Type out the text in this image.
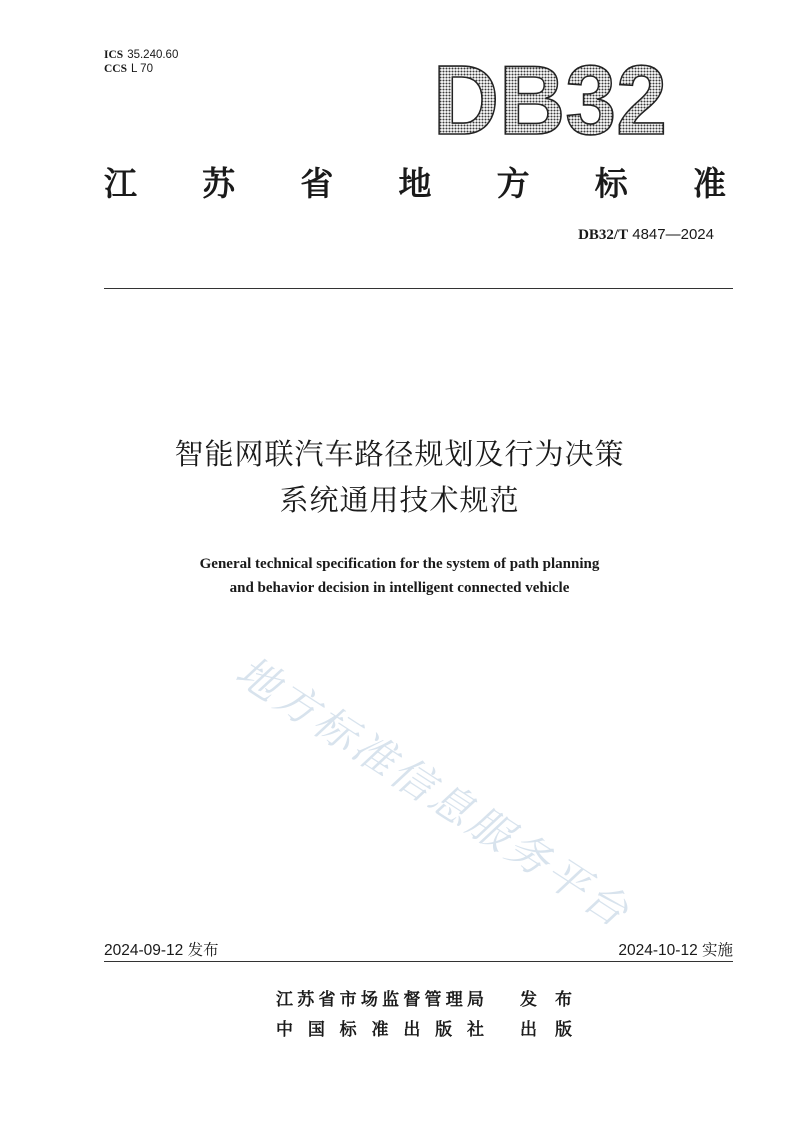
ICS 35.240.60
CCS L 70	DB32
江 苏 省 地 方 标 准
DB32/T 4847—2024
智能网联汽车路径规划及行为决策
系统通用技术规范
General technical specification for the system of path planning
and behavior decision in intelligent connected vehicle
地方标准信息服务平台
2024-09-12 发布	2024-10-12 实施
江 苏 省 市 场 监 督 管 理 局 发 布
中 国 标 准 出 版 社 出 版
